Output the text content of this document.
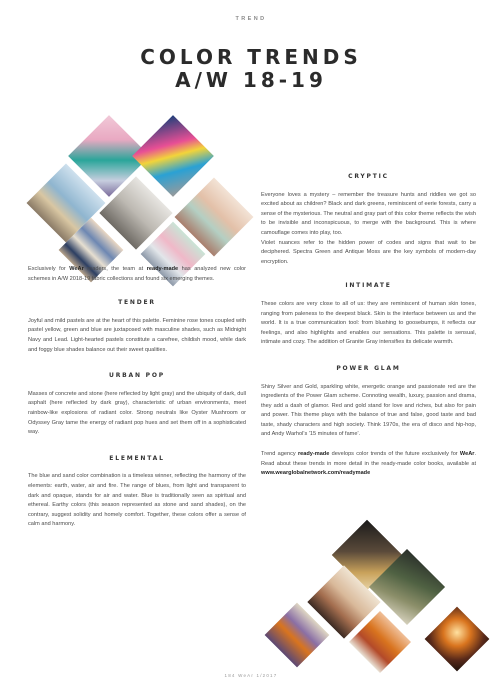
TREND
COLOR TRENDS
A/W 18-19

Exclusively for WeAr readers, the team at ready-made has analyzed new color schemes in A/W 2018-19 fabric collections and found six emerging themes.

TENDER

Joyful and mild pastels are at the heart of this palette. Feminine rose tones coupled with pastel yellow, green and blue are juxtaposed with masculine shades, such as Midnight Navy and Lead. Light-hearted pastels constitute a carefree, childish mood, while dark and foggy blue shades balance out their sweet qualities.

URBAN POP

Masses of concrete and stone (here reflected by light gray) and the ubiquity of dark, dull asphalt (here reflected by dark gray), characteristic of urban environments, meet rainbow-like explosions of radiant color. Strong neutrals like Oyster Mushroom or Odyssey Gray tame the energy of radiant pop hues and set them off in a sophisticated way.

ELEMENTAL

The blue and sand color combination is a timeless winner, reflecting the harmony of the elements: earth, water, air and fire. The range of blues, from light and transparent to dark and opaque, stands for air and water. Blue is traditionally seen as spiritual and ethereal. Earthy colors (this season represented as stone and sand shades), on the contrary, suggest solidity and homely comfort. Together, these colors offer a sense of calm and harmony.

CRYPTIC

Everyone loves a mystery – remember the treasure hunts and riddles we got so excited about as children? Black and dark greens, reminiscent of eerie forests, carry a sense of the mysterious. The neutral and gray part of this color theme reflects the wish to be invisible and inconspicuous, to merge with the background. This is where camouflage comes into play, too.

Violet nuances refer to the hidden power of codes and signs that wait to be deciphered. Spectra Green and Antique Moss are the key symbols of modern-day encryption.

INTIMATE

These colors are very close to all of us: they are reminiscent of human skin tones, ranging from paleness to the deepest black. Skin is the interface between us and the world. It is a true communication tool: from blushing to goosebumps, it reflects our feelings, and also highlights and enables our sensations. This palette is sensual, intimate and cozy. The addition of Granite Gray intensifies its delicate warmth.

POWER GLAM

Shiny Silver and Gold, sparkling white, energetic orange and passionate red are the ingredients of the Power Glam scheme. Connoting wealth, luxury, passion and drama, they add a dash of glamor. Red and gold stand for love and riches, but also for pain and power. This theme plays with the balance of true and false, good taste and bad taste, shady characters and high society. Think 1970s, the era of disco and hip-hop, and Andy Warhol's '15 minutes of fame'.

Trend agency ready-made develops color trends of the future exclusively for WeAr. Read about these trends in more detail in the ready-made color books, available at www.wearglobalnetwork.com/readymade

184 WeAr 1/2017
